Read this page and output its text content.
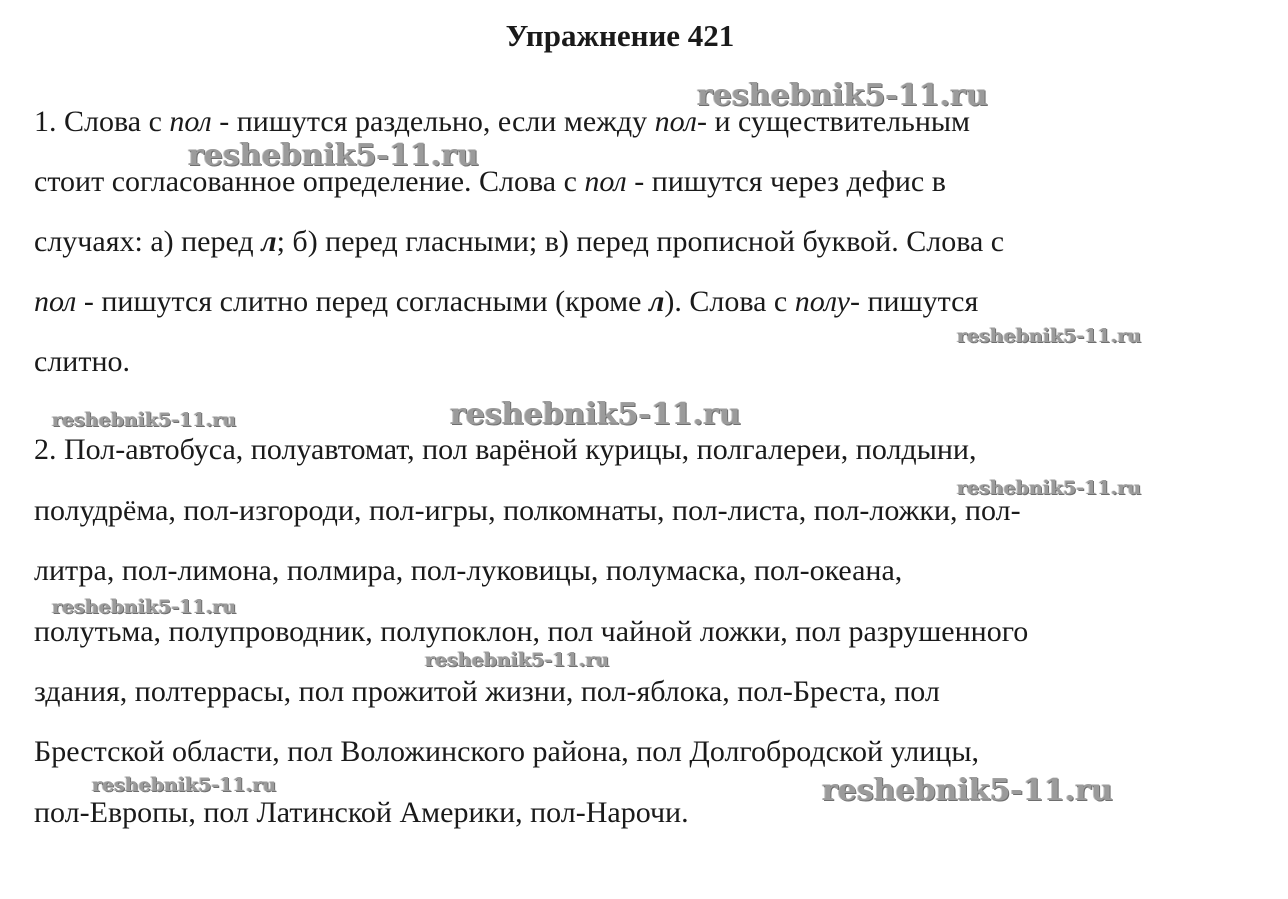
Упражнение 421
1. Слова с пол - пишутся раздельно, если между пол- и существительным
стоит согласованное определение. Слова с пол - пишутся через дефис в
случаях: а) перед л; б) перед гласными; в) перед прописной буквой. Слова с
пол - пишутся слитно перед согласными (кроме л). Слова с полу- пишутся
слитно.
2. Пол-автобуса, полуавтомат, пол варёной курицы, полгалереи, полдыни,
полудрёма, пол-изгороди, пол-игры, полкомнаты, пол-листа, пол-ложки, пол-
литра, пол-лимона, полмира, пол-луковицы, полумаска, пол-океана,
полутьма, полупроводник, полупоклон, пол чайной ложки, пол разрушенного
здания, полтеррасы, пол прожитой жизни, пол-яблока, пол-Бреста, пол
Брестской области, пол Воложинского района, пол Долгобродской улицы,
пол-Европы, пол Латинской Америки, пол-Нарочи.
reshebnik5-11.ru
reshebnik5-11.ru
reshebnik5-11.ru
reshebnik5-11.ru	reshebnik5-11.ru
reshebnik5-11.ru
reshebnik5-11.ru
reshebnik5-11.ru
reshebnik5-11.ru	reshebnik5-11.ru
